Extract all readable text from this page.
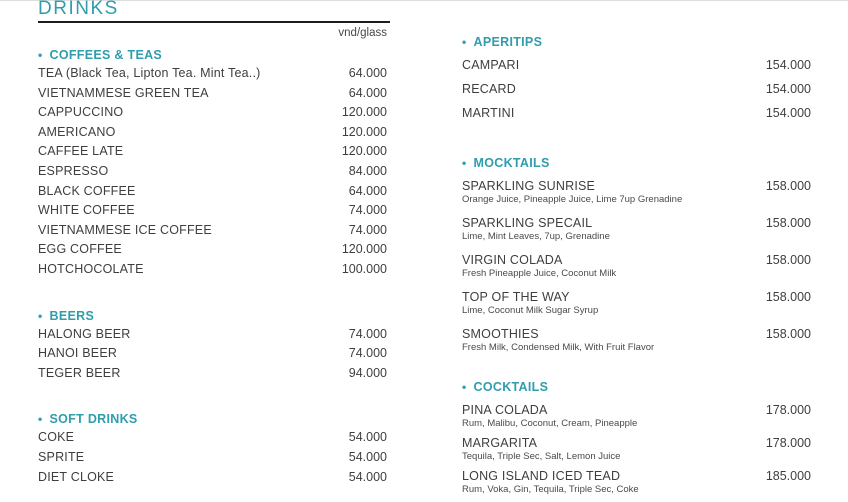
DRINKS
vnd/glass
• COFFEES & TEAS
TEA (Black Tea, Lipton Tea. Mint Tea..)	64.000
VIETNAMMESE GREEN TEA	64.000
CAPPUCCINO	120.000
AMERICANO	120.000
CAFFEE LATE	120.000
ESPRESSO	84.000
BLACK COFFEE	64.000
WHITE COFFEE	74.000
VIETNAMMESE ICE COFFEE	74.000
EGG COFFEE	120.000
HOTCHOCOLATE	100.000
• BEERS
HALONG BEER	74.000
HANOI BEER	74.000
TEGER BEER	94.000
• SOFT DRINKS
COKE	54.000
SPRITE	54.000
DIET CLOKE	54.000
• APERITIPS
CAMPARI	154.000
RECARD	154.000
MARTINI	154.000
• MOCKTAILS
SPARKLING SUNRISE
Orange Juice, Pineapple Juice, Lime 7up Grenadine
158.000
SPARKLING SPECAIL
Lime, Mint Leaves, 7up, Grenadine
158.000
VIRGIN COLADA
Fresh Pineapple Juice, Coconut Milk
158.000
TOP OF THE WAY
Lime, Coconut Milk Sugar Syrup
158.000
SMOOTHIES
Fresh Milk, Condensed Milk, With Fruit Flavor
158.000
• COCKTAILS
PINA COLADA
Rum, Malibu, Coconut, Cream, Pineapple
178.000
MARGARITA
Tequila, Triple Sec, Salt, Lemon Juice
178.000
LONG ISLAND ICED TEAD
Rum, Voka, Gin, Tequila, Triple Sec, Coke
185.000
